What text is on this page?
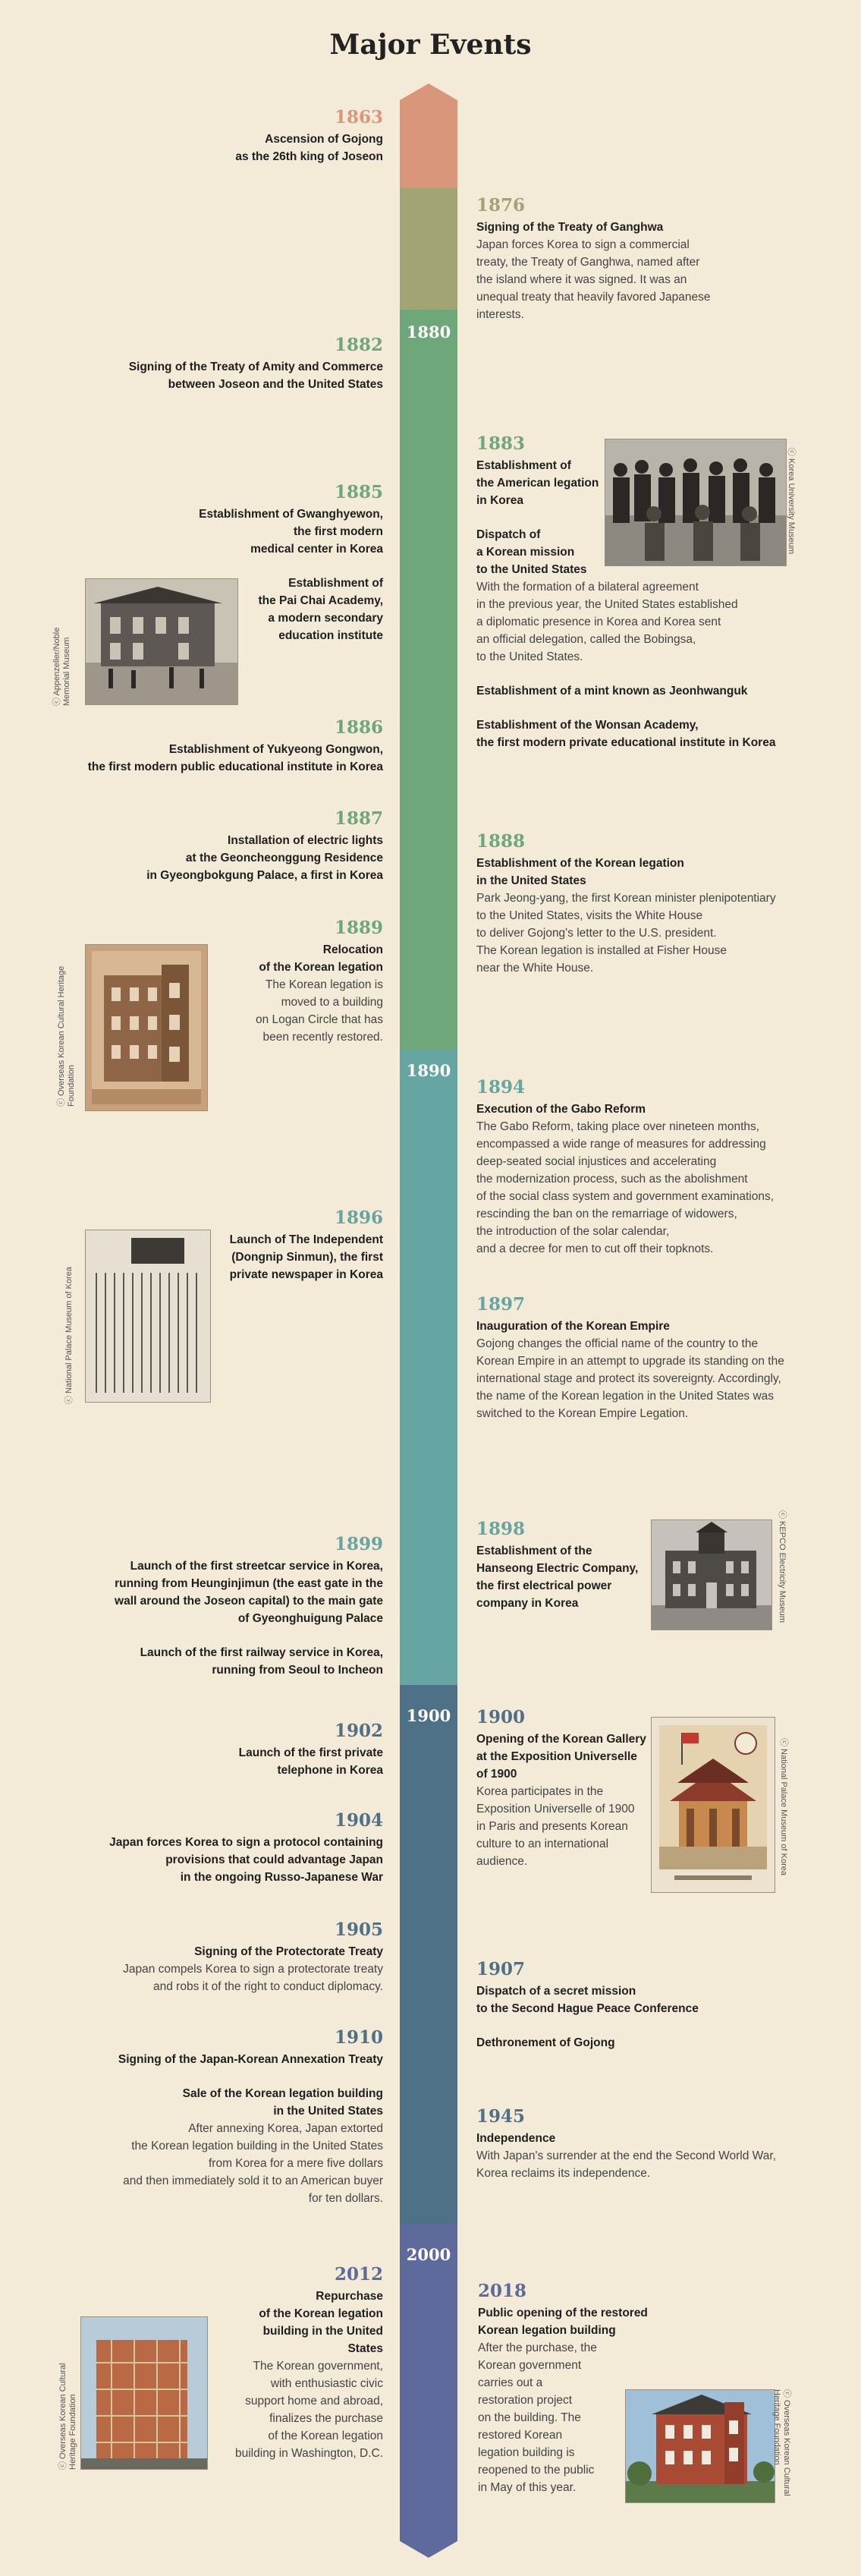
Major Events
1880
1890
1900
2000
1863
Ascension of Gojong
as the 26th king of Joseon
1876
Signing of the Treaty of Ganghwa
Japan forces Korea to sign a commercial
treaty, the Treaty of Ganghwa, named after
the island where it was signed. It was an
unequal treaty that heavily favored Japanese
interests.
1882
Signing of the Treaty of Amity and Commerce
between Joseon and the United States
1883
Establishment of
the American legation
in Korea
Dispatch of
a Korean mission
to the United States
With the formation of a bilateral agreement
in the previous year, the United States established
a diplomatic presence in Korea and Korea sent
an official delegation, called the Bobingsa,
to the United States.
Establishment of a mint known as Jeonhwanguk
Establishment of the Wonsan Academy,
the first modern private educational institute in Korea
ⓒ Korea University Museum
1885
Establishment of Gwanghyewon,
the first modern
medical center in Korea
Establishment of
the Pai Chai Academy,
a modern secondary
education institute
ⓒ Appenzeller/Noble
Memorial Museum
1886
Establishment of Yukyeong Gongwon,
the first modern public educational institute in Korea
1887
Installation of electric lights
at the Geoncheonggung Residence
in Gyeongbokgung Palace, a first in Korea
1888
Establishment of the Korean legation
in the United States
Park Jeong-yang, the first Korean minister plenipotentiary
to the United States, visits the White House
to deliver Gojong's letter to the U.S. president.
The Korean legation is installed at Fisher House
near the White House.
1889
Relocation
of the Korean legation
The Korean legation is
moved to a building
on Logan Circle that has
been recently restored.
ⓒ Overseas Korean Cultural Heritage
Foundation	1894
Execution of the Gabo Reform
The Gabo Reform, taking place over nineteen months,
encompassed a wide range of measures for addressing
deep-seated social injustices and accelerating
the modernization process, such as the abolishment
of the social class system and government examinations,
rescinding the ban on the remarriage of widowers,
the introduction of the solar calendar,
and a decree for men to cut off their topknots.
1896
Launch of The Independent
(Dongnip Sinmun), the first
private newspaper in Korea
ⓒ National Palace Museum of Korea	1897
Inauguration of the Korean Empire
Gojong changes the official name of the country to the
Korean Empire in an attempt to upgrade its standing on the
international stage and protect its sovereignty. Accordingly,
the name of the Korean legation in the United States was
switched to the Korean Empire Legation.
1898
Establishment of the
Hanseong Electric Company,
the first electrical power
company in Korea	ⓒ KEPCO Electricity Museum
1899
Launch of the first streetcar service in Korea,
running from Heunginjimun (the east gate in the
wall around the Joseon capital) to the main gate
of Gyeonghuigung Palace
Launch of the first railway service in Korea,
running from Seoul to Incheon
1900
Opening of the Korean Gallery
at the Exposition Universelle
of 1900
Korea participates in the
Exposition Universelle of 1900
in Paris and presents Korean
culture to an international
audience.	ⓒ National Palace Museum of Korea
1902
Launch of the first private
telephone in Korea
1904
Japan forces Korea to sign a protocol containing
provisions that could advantage Japan
in the ongoing Russo-Japanese War
1905
Signing of the Protectorate Treaty
Japan compels Korea to sign a protectorate treaty
and robs it of the right to conduct diplomacy.
1907
Dispatch of a secret mission
to the Second Hague Peace Conference
Dethronement of Gojong
1910
Signing of the Japan-Korean Annexation Treaty
Sale of the Korean legation building
in the United States
After annexing Korea, Japan extorted
the Korean legation building in the United States
from Korea for a mere five dollars
and then immediately sold it to an American buyer
for ten dollars.
1945
Independence
With Japan's surrender at the end the Second World War,
Korea reclaims its independence.
2012
Repurchase
of the Korean legation
building in the United
States
The Korean government,
with enthusiastic civic
support home and abroad,
finalizes the purchase
of the Korean legation
building in Washington, D.C.
ⓒ Overseas Korean Cultural
Heritage Foundation
2018
Public opening of the restored
Korean legation building
After the purchase, the
Korean government
carries out a
restoration project
on the building. The
restored Korean
legation building is
reopened to the public
in May of this year.
ⓒ Overseas Korean Cultural
Heritage Foundation
